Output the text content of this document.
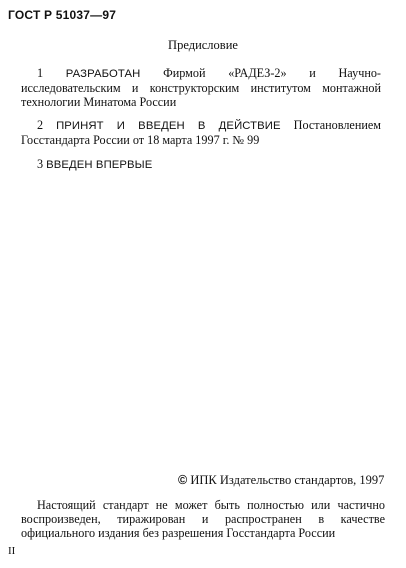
ГОСТ Р 51037—97
Предисловие
1 РАЗРАБОТАН Фирмой «РАДЕЗ-2» и Научно-исследовательским и конструкторским институтом монтажной технологии Минатома России
2 ПРИНЯТ И ВВЕДЕН В ДЕЙСТВИЕ Постановлением Госстандарта России от 18 марта 1997 г. № 99
3 ВВЕДЕН ВПЕРВЫЕ
© ИПК Издательство стандартов, 1997
Настоящий стандарт не может быть полностью или частично воспроизведен, тиражирован и распространен в качестве официального издания без разрешения Госстандарта России
II
